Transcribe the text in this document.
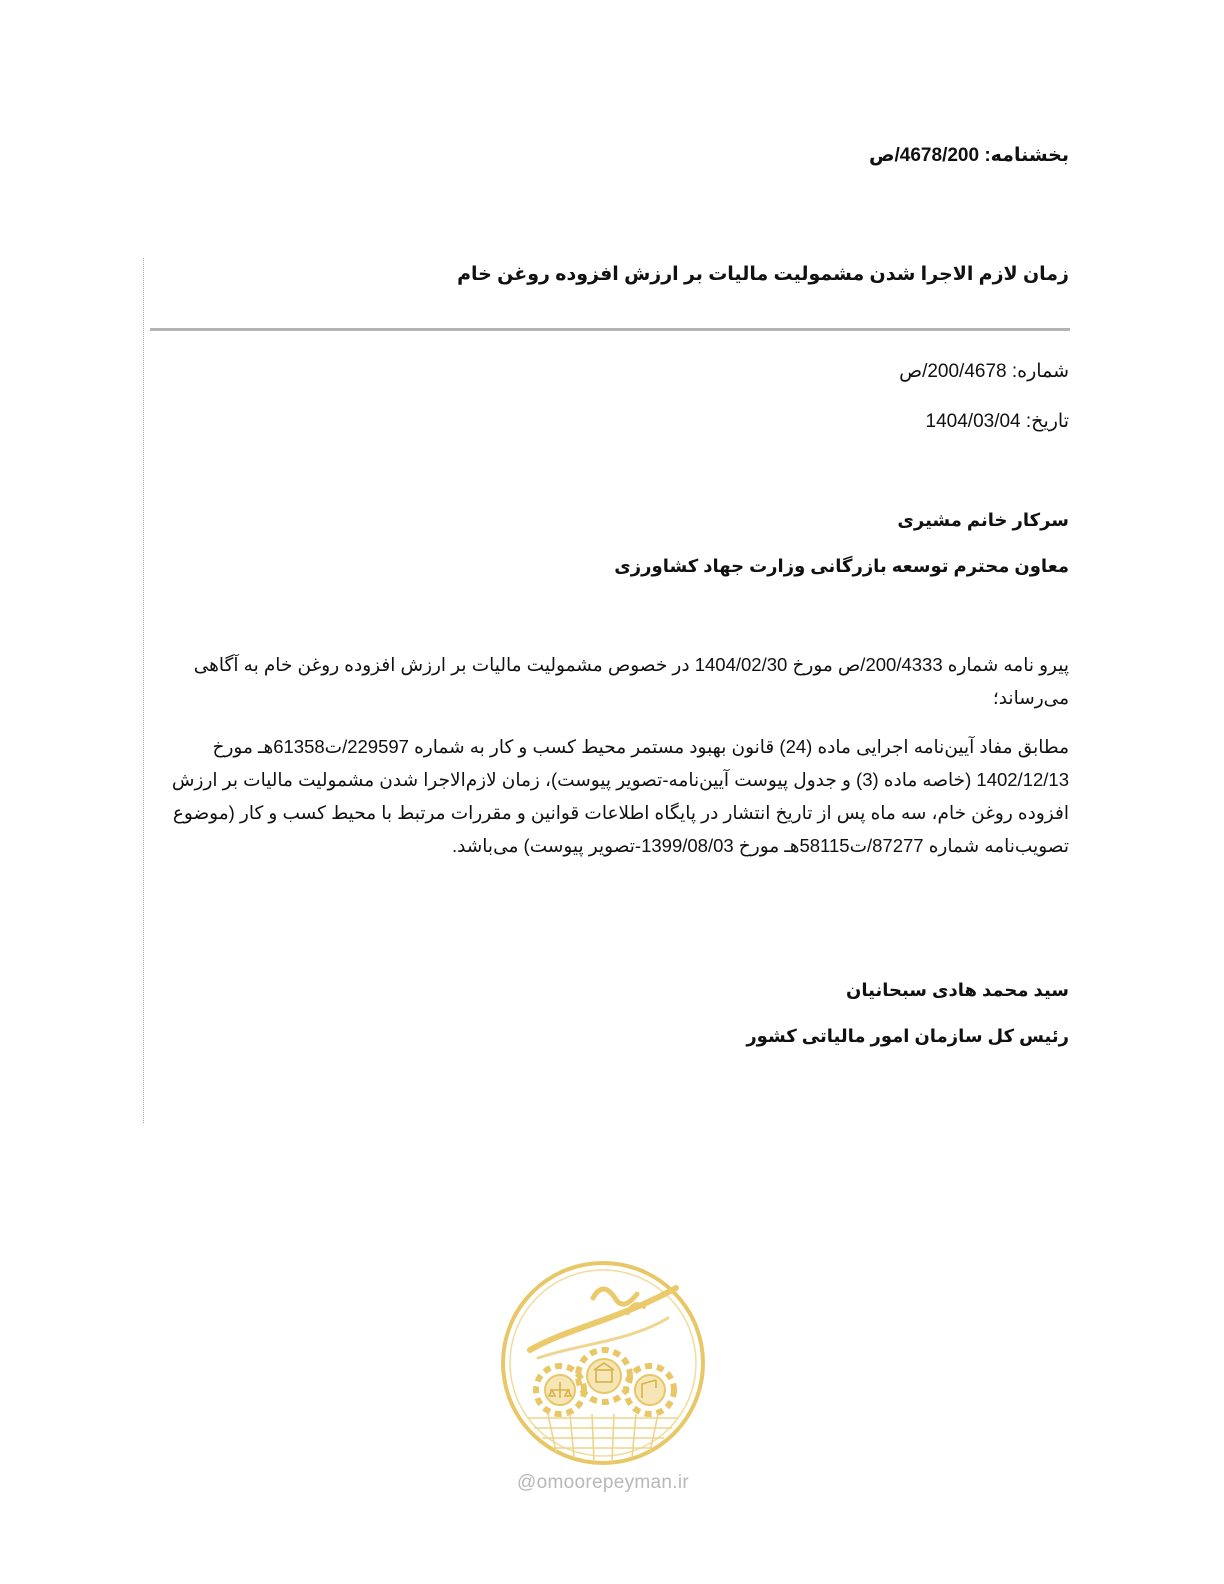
بخشنامه: 4678/200/ص
زمان لازم الاجرا شدن مشمولیت مالیات بر ارزش افزوده روغن خام
شماره: 200/4678/ص
تاریخ: 1404/03/04
سرکار خانم مشیری
معاون محترم توسعه بازرگانی وزارت جهاد کشاورزی
پیرو نامه شماره 200/4333/ص مورخ 1404/02/30 در خصوص مشمولیت مالیات بر ارزش افزوده روغن خام به آگاهی می‌رساند؛
مطابق مفاد آیین‌نامه اجرایی ماده (24) قانون بهبود مستمر محیط کسب و کار به شماره 229597/ت61358هـ مورخ 1402/12/13 (خاصه ماده (3) و جدول پیوست آیین‌نامه-تصویر پیوست)، زمان لازم‌الاجرا شدن مشمولیت مالیات بر ارزش افزوده روغن خام، سه ماه پس از تاریخ انتشار در پایگاه اطلاعات قوانین و مقررات مرتبط با محیط کسب و کار (موضوع تصویب‌نامه شماره 87277/ت58115هـ مورخ 1399/08/03-تصویر پیوست) می‌باشد.
سید محمد هادی سبحانیان
رئیس کل سازمان امور مالیاتی کشور
@omoorepeyman.ir
